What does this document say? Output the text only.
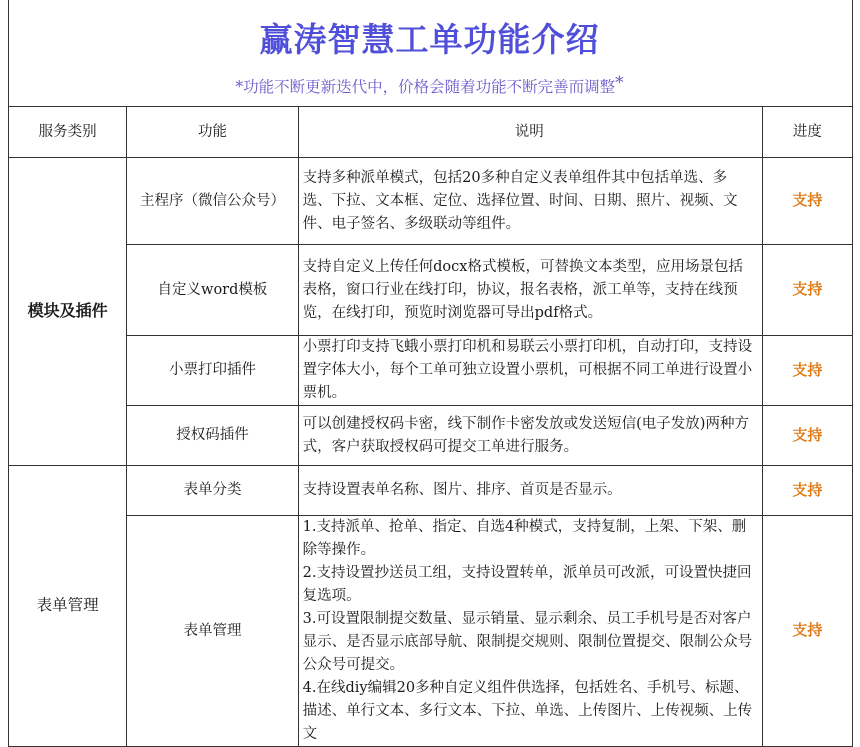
赢涛智慧工单功能介绍
*功能不断更新迭代中，价格会随着功能不断完善而调整*
服务类别	功能	说明	进度
模块及插件	主程序（微信公众号）	支持多种派单模式，包括20多种自定义表单组件其中包括单选、多选、下拉、文本框、定位、选择位置、时间、日期、照片、视频、文件、电子签名、多级联动等组件。	支持
	自定义word模板	支持自定义上传任何docx格式模板，可替换文本类型，应用场景包括表格，窗口行业在线打印，协议，报名表格，派工单等，支持在线预览，在线打印，预览时浏览器可导出pdf格式。	支持
	小票打印插件	小票打印支持飞蛾小票打印机和易联云小票打印机，自动打印，支持设置字体大小，每个工单可独立设置小票机，可根据不同工单进行设置小票机。	支持
	授权码插件	可以创建授权码卡密，线下制作卡密发放或发送短信(电子发放)两种方式，客户获取授权码可提交工单进行服务。	支持
表单管理	表单分类	支持设置表单名称、图片、排序、首页是否显示。	支持
	表单管理	1.支持派单、抢单、指定、自选4种模式，支持复制，上架、下架、删除等操作。
2.支持设置抄送员工组，支持设置转单，派单员可改派，可设置快捷回复选项。
3.可设置限制提交数量、显示销量、显示剩余、员工手机号是否对客户显示、是否显示底部导航、限制提交规则、限制位置提交、限制公众号公众号可提交。
4.在线diy编辑20多种自定义组件供选择，包括姓名、手机号、标题、描述、单行文本、多行文本、下拉、单选、上传图片、上传视频、上传文	支持
